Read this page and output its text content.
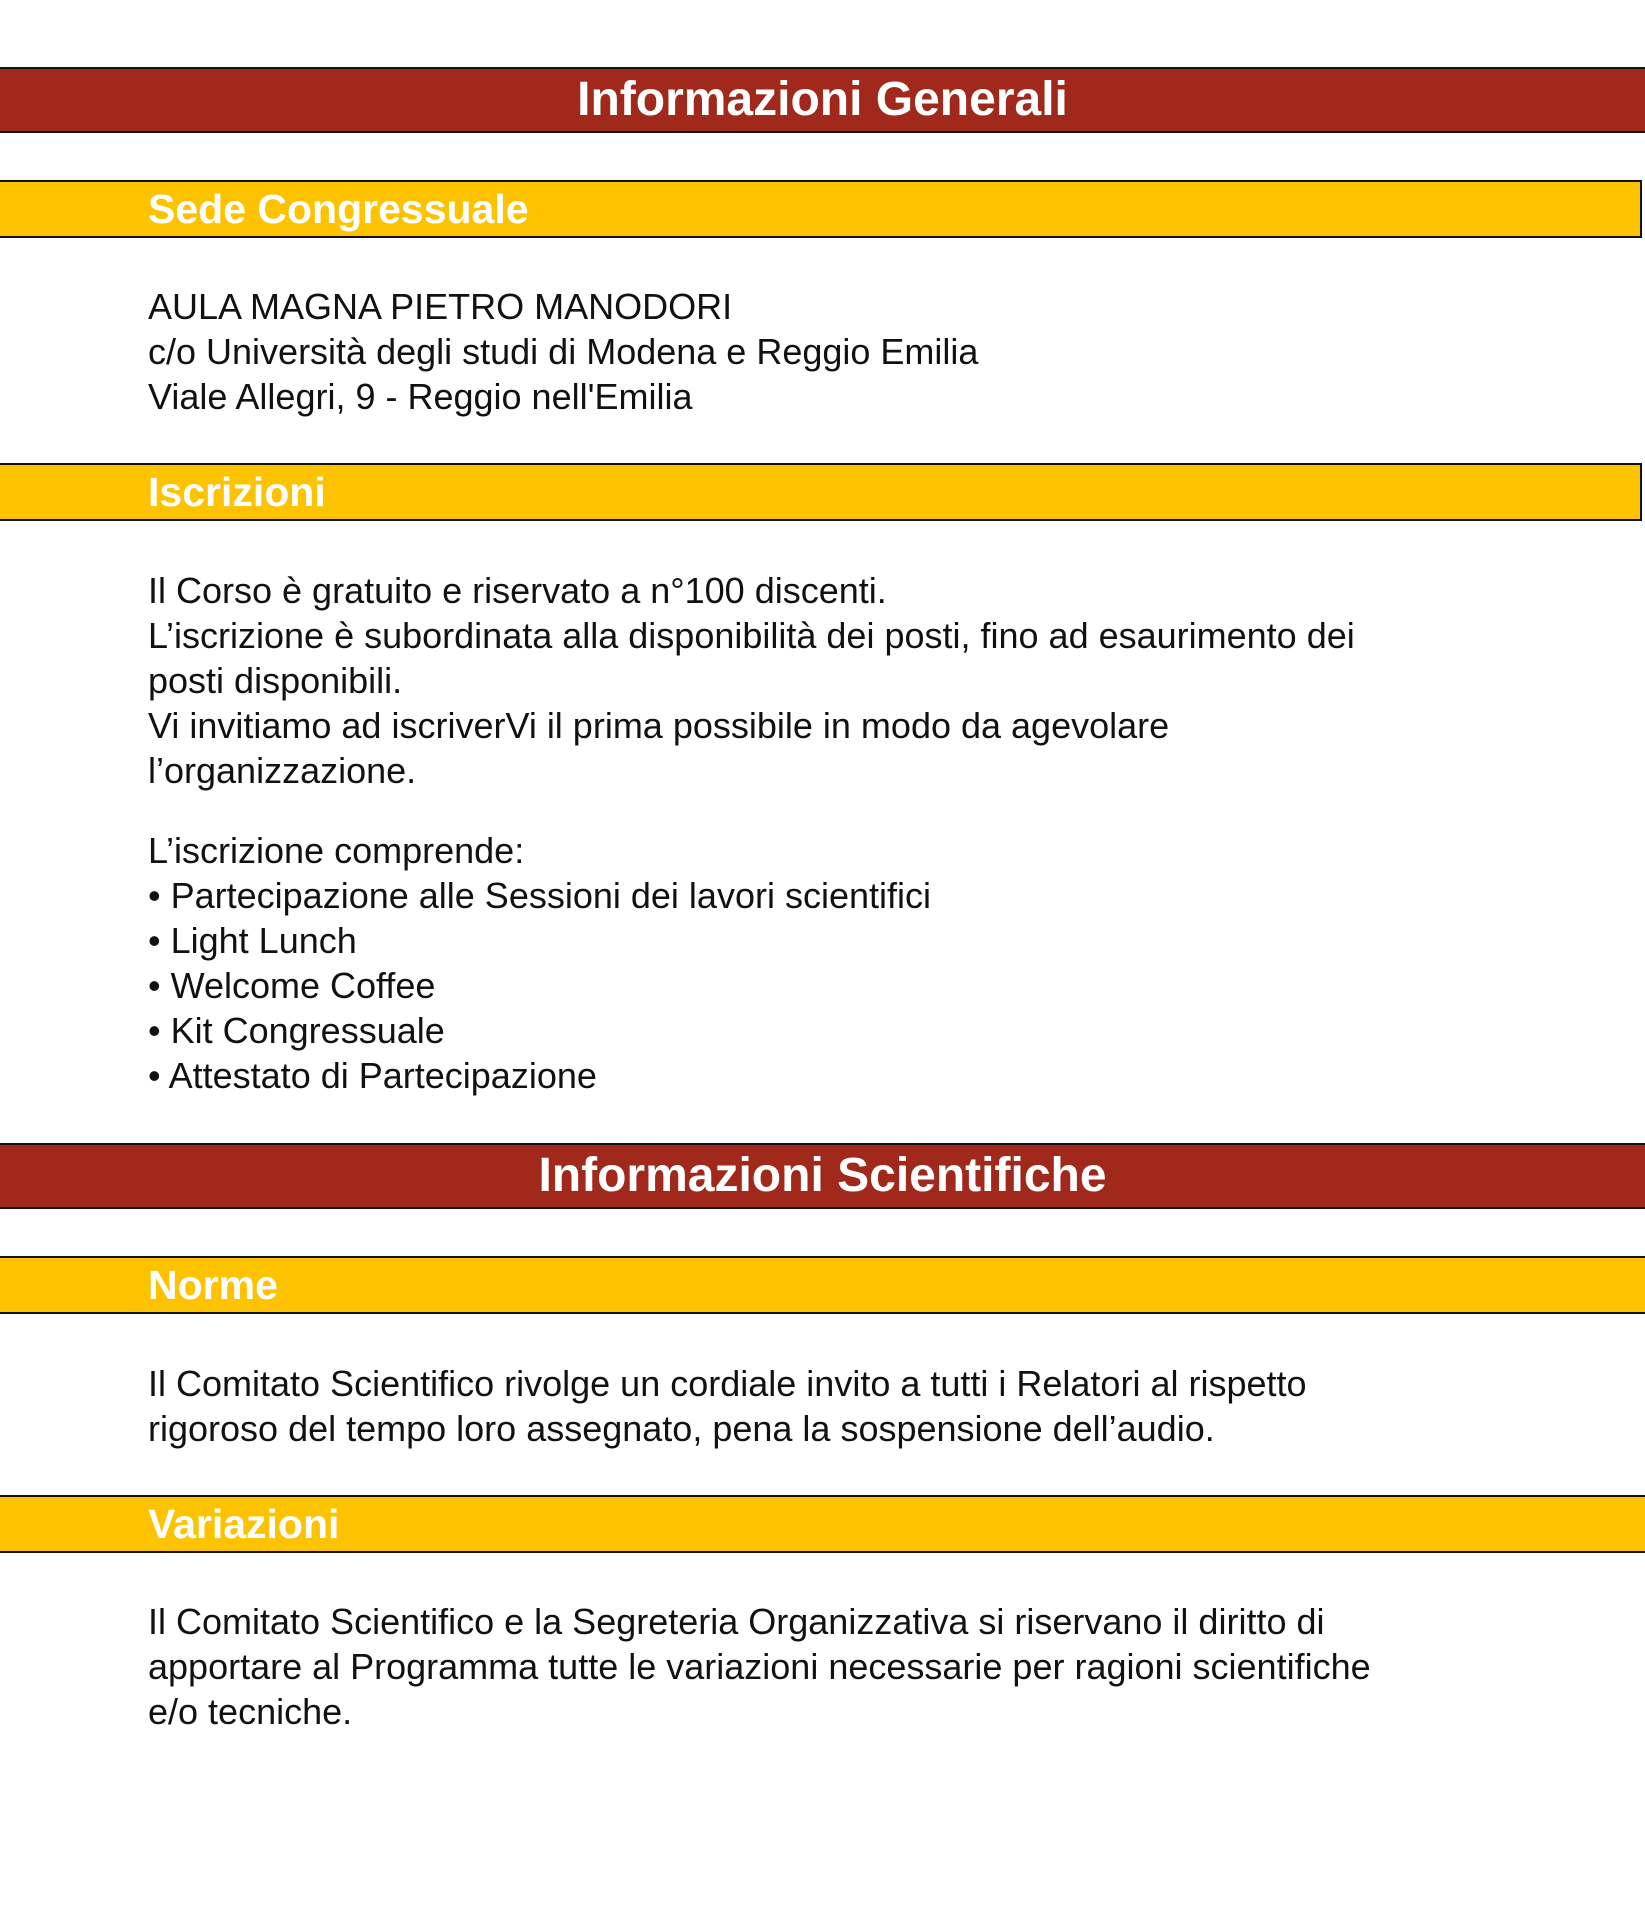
Informazioni Generali
Sede Congressuale
AULA MAGNA PIETRO MANODORI
c/o Università degli studi di Modena e Reggio Emilia
Viale Allegri, 9 - Reggio nell'Emilia
Iscrizioni
Il Corso è gratuito e riservato a n°100 discenti.
L’iscrizione è subordinata alla disponibilità dei posti, fino ad esaurimento dei
posti disponibili.
Vi invitiamo ad iscriverVi il prima possibile in modo da agevolare
l’organizzazione.
L’iscrizione comprende:
• Partecipazione alle Sessioni dei lavori scientifici
• Light Lunch
• Welcome Coffee
• Kit Congressuale
• Attestato di Partecipazione
Informazioni Scientifiche
Norme
Il Comitato Scientifico rivolge un cordiale invito a tutti i Relatori al rispetto
rigoroso del tempo loro assegnato, pena la sospensione dell’audio.
Variazioni
Il Comitato Scientifico e la Segreteria Organizzativa si riservano il diritto di
apportare al Programma tutte le variazioni necessarie per ragioni scientifiche
e/o tecniche.
